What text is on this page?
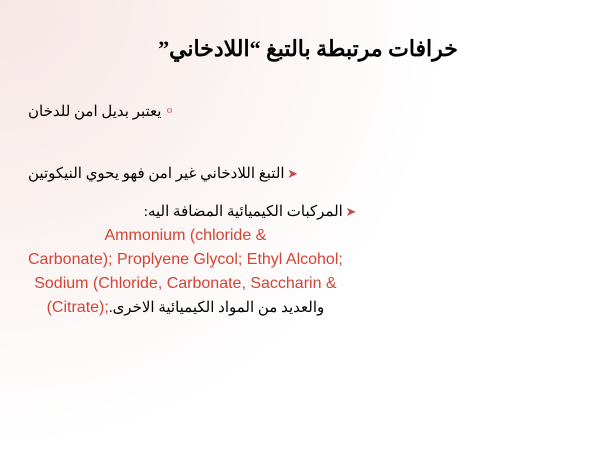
خرافات مرتبطة بالتبغ “اللادخاني”
o
يعتبر بديل امن للدخان
➤
التبغ اللادخاني غير امن فهو يحوي النيكوتين
➤
المركبات الكيميائية المضافة اليه:
Ammonium (chloride &
Carbonate); Proplyene Glycol; Ethyl Alcohol;
Sodium (Chloride, Carbonate, Saccharin &
والعديد من المواد الكيميائية الاخرى.(Citrate);
